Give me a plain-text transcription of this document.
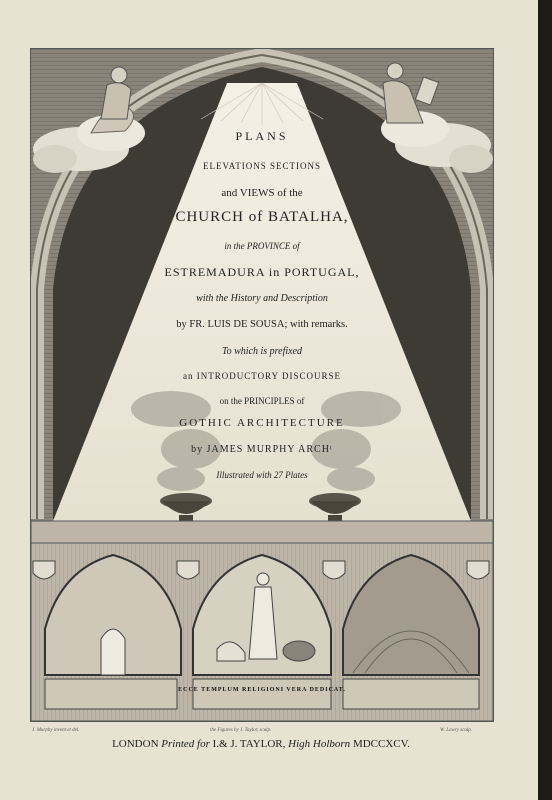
PLANS
ELEVATIONS SECTIONS
and VIEWS of the
CHURCH of BATALHA,
in the PROVINCE of
ESTREMADURA in PORTUGAL,
with the History and Description
by FR. LUIS DE SOUSA; with remarks.
To which is prefixed
an INTRODUCTORY DISCOURSE
on the PRINCIPLES of
GOTHIC ARCHITECTURE
by JAMES MURPHY ARCHᵗ
Illustrated with 27 Plates
ECCE TEMPLUM RELIGIONI VERA DEDICAT.
J. Murphy invent et del.	the Figures by J. Taylor, sculp.	W. Lowry sculp.
LONDON Printed for I.& J. TAYLOR, High Holborn MDCCXCV.
